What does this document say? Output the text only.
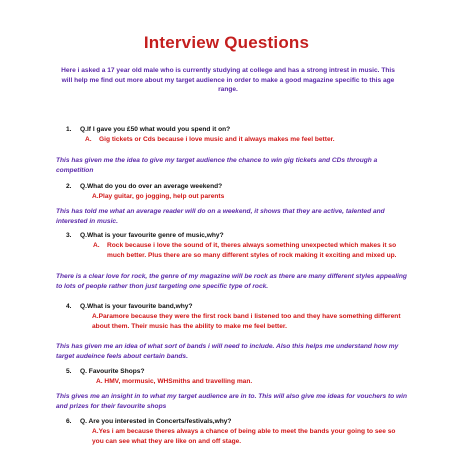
Interview Questions
Here i asked a 17 year old male who is currently studying at college and has a strong intrest in music. This will help me find out more about my target audience in order to make a good magazine specific to this age range.
1. Q.If I gave you £50 what would you spend it on?
A. Gig tickets or Cds because i love music and it always makes me feel better.
This has given me the idea to give my target audience the chance to win gig tickets and CDs through a competition
2. Q.What do you do over an average weekend?
A.Play guitar, go jogging, help out parents
This has told me what an average reader will do on a weekend, it shows that they are active, talented and interested in music.
3. Q.What is your favourite genre of music,why?
A. Rock because i love the sound of it, theres always something unexpected which makes it so much better. Plus there are so many different styles of rock making it exciting and mixed up.
There is a clear love for rock, the genre of my magazine will be rock as there are many different styles appealing to lots of people rather thon just targeting one specific type of rock.
4. Q.What is your favourite band,why?
A.Paramore because they were the first rock band i listened too and they have something different about them. Their music has the ability to make me feel better.
This has given me an idea of what sort of bands i will need to include. Also this helps me understand how my target audeince feels about certain bands.
5. Q. Favourite Shops?
A. HMV, mormusic, WHSmiths and travelling man.
This gives me an insight in to what my target audience are in to. This will also give me ideas for vouchers to win and prizes for their favourite shops
6. Q. Are you interested in Concerts/festivals,why?
A.Yes i am because theres always a chance of being able to meet the bands your going to see so you can see what they are like on and off stage.
